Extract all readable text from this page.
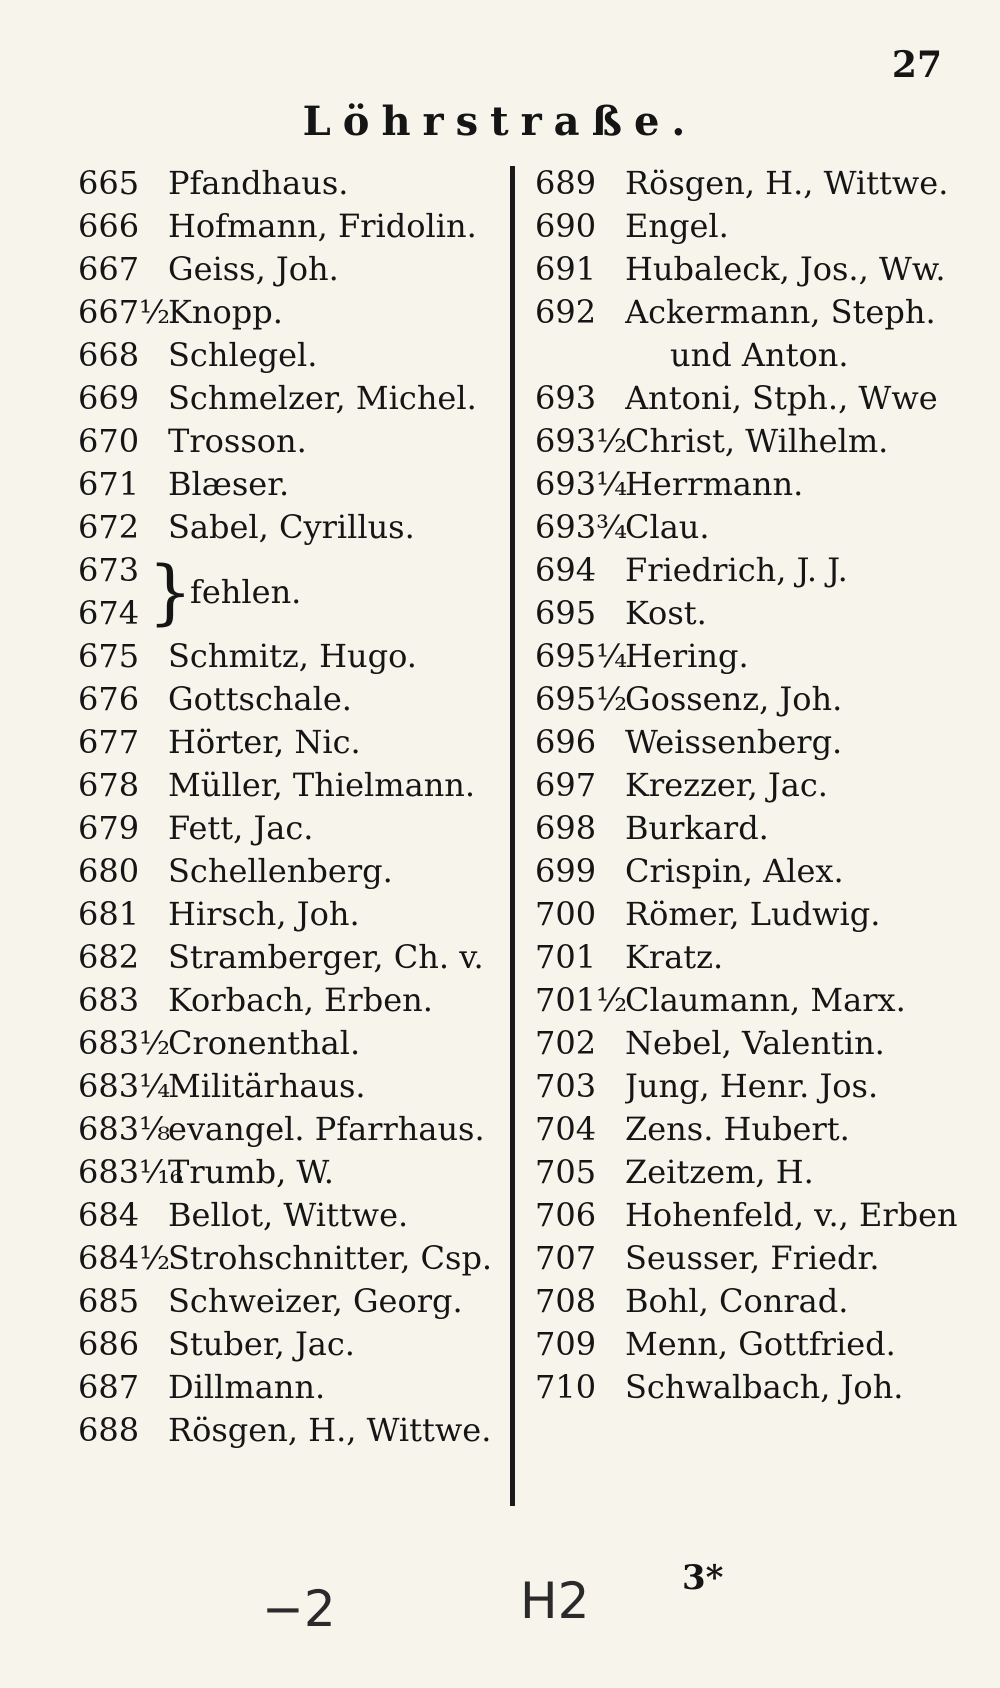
27
Löhrstraße.
665 Pfandhaus.
666 Hofmann, Fridolin.
667 Geiss, Joh.
667½
Knopp.
668 Schlegel.
669 Schmelzer, Michel.
670 Trosson.
671 Blæser.
672 Sabel, Cyrillus.
673
674 }
fehlen.
675 Schmitz, Hugo.
676 Gottschale.
677 Hörter, Nic.
678 Müller, Thielmann.
679 Fett, Jac.
680 Schellenberg.
681 Hirsch, Joh.
682 Stramberger, Ch. v.
683 Korbach, Erben.
683½
Cronenthal.
683¼
Militärhaus.
683⅛
evangel. Pfarrhaus.
683¹⁄₁₆
Trumb, W.
684 Bellot, Wittwe.
684½
Strohschnitter, Csp.
685 Schweizer, Georg.
686 Stuber, Jac.
687 Dillmann.
688 Rösgen, H., Wittwe.
689 Rösgen, H., Wittwe.
690 Engel.
691 Hubaleck, Jos., Ww.
692 Ackermann, Steph.
und Anton.
693 Antoni, Stph., Wwe
693½
Christ, Wilhelm.
693¼
Herrmann.
693¾
Clau.
694 Friedrich, J. J.
695 Kost.
695¼
Hering.
695½
Gossenz, Joh.
696 Weissenberg.
697 Krezzer, Jac.
698 Burkard.
699 Crispin, Alex.
700 Römer, Ludwig.
701 Kratz.
701½
Claumann, Marx.
702 Nebel, Valentin.
703 Jung, Henr. Jos.
704 Zens. Hubert.
705 Zeitzem, H.
706 Hohenfeld, v., Erben
707 Seusser, Friedr.
708 Bohl, Conrad.
709 Menn, Gottfried.
710 Schwalbach, Joh.
−2	H2	3*
